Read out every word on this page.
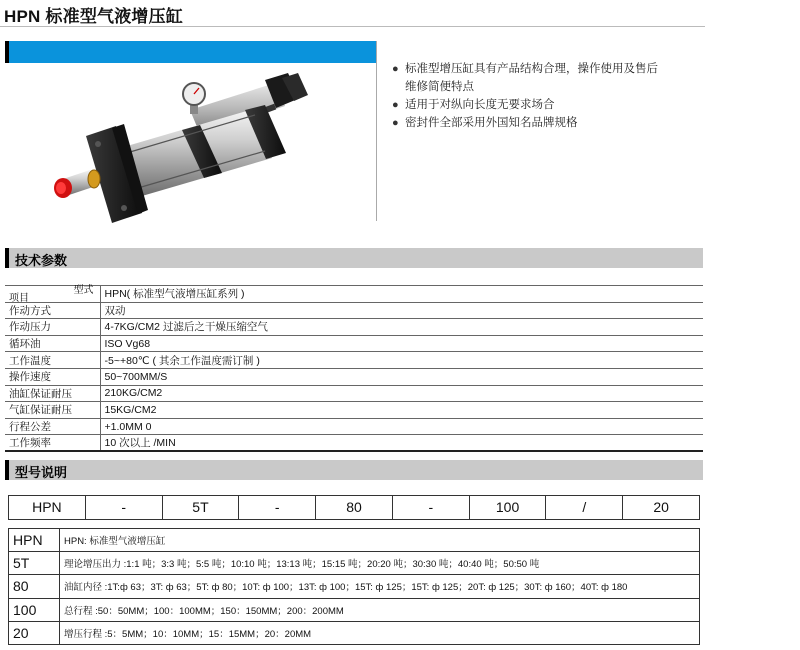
HPN 标准型气液增压缸
● 标准型增压缸具有产品结构合理，操作使用及售后
维修简便特点
● 适用于对纵向长度无要求场合
● 密封件全部采用外国知名品牌规格
技术参数
型式
项目	HPN( 标准型气液增压缸系列 )
作动方式	双动
作动压力	4-7KG/CM2 过滤后之干燥压缩空气
循环油	ISO Vg68
工作温度	-5~+80℃ ( 其余工作温度需订制 )
操作速度	50~700MM/S
油缸保证耐压	210KG/CM2
气缸保证耐压	15KG/CM2
行程公差	+1.0MM 0
工作频率	10 次以上 /MIN
型号说明
HPN	-	5T	-	80	-	100	/	20
HPN	HPN: 标准型气液增压缸
5T	理论增压出力 :1:1 吨；3:3 吨；5:5 吨；10:10 吨；13:13 吨；15:15 吨；20:20 吨；30:30 吨；40:40 吨；50:50 吨
80	油缸内径 :1T:ф 63；3T: ф 63；5T: ф 80；10T: ф 100；13T: ф 100；15T: ф 125；15T: ф 125；20T: ф 125；30T: ф 160；40T: ф 180
100	总行程 :50：50MM；100：100MM；150：150MM；200：200MM
20	增压行程 :5：5MM；10：10MM；15：15MM；20：20MM
